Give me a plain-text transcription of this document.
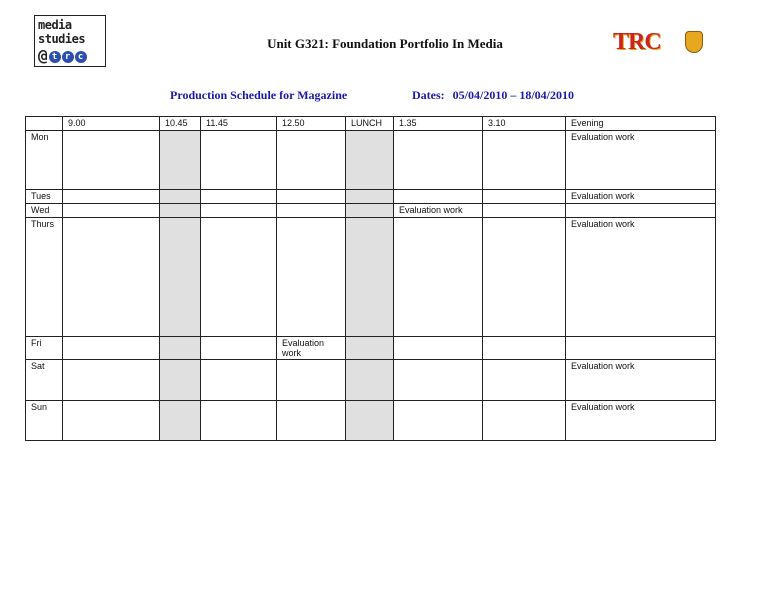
media
studies
@ t r c
Unit G321: Foundation Portfolio In Media	TRC
Production Schedule for Magazine	Dates: 05/04/2010 – 18/04/2010
	9.00	10.45	11.45	12.50	LUNCH	1.35	3.10	Evening
Mon								Evaluation work
Tues								Evaluation work
Wed						Evaluation work		
Thurs								Evaluation work
Fri				Evaluation work				
Sat								Evaluation work
Sun								Evaluation work
